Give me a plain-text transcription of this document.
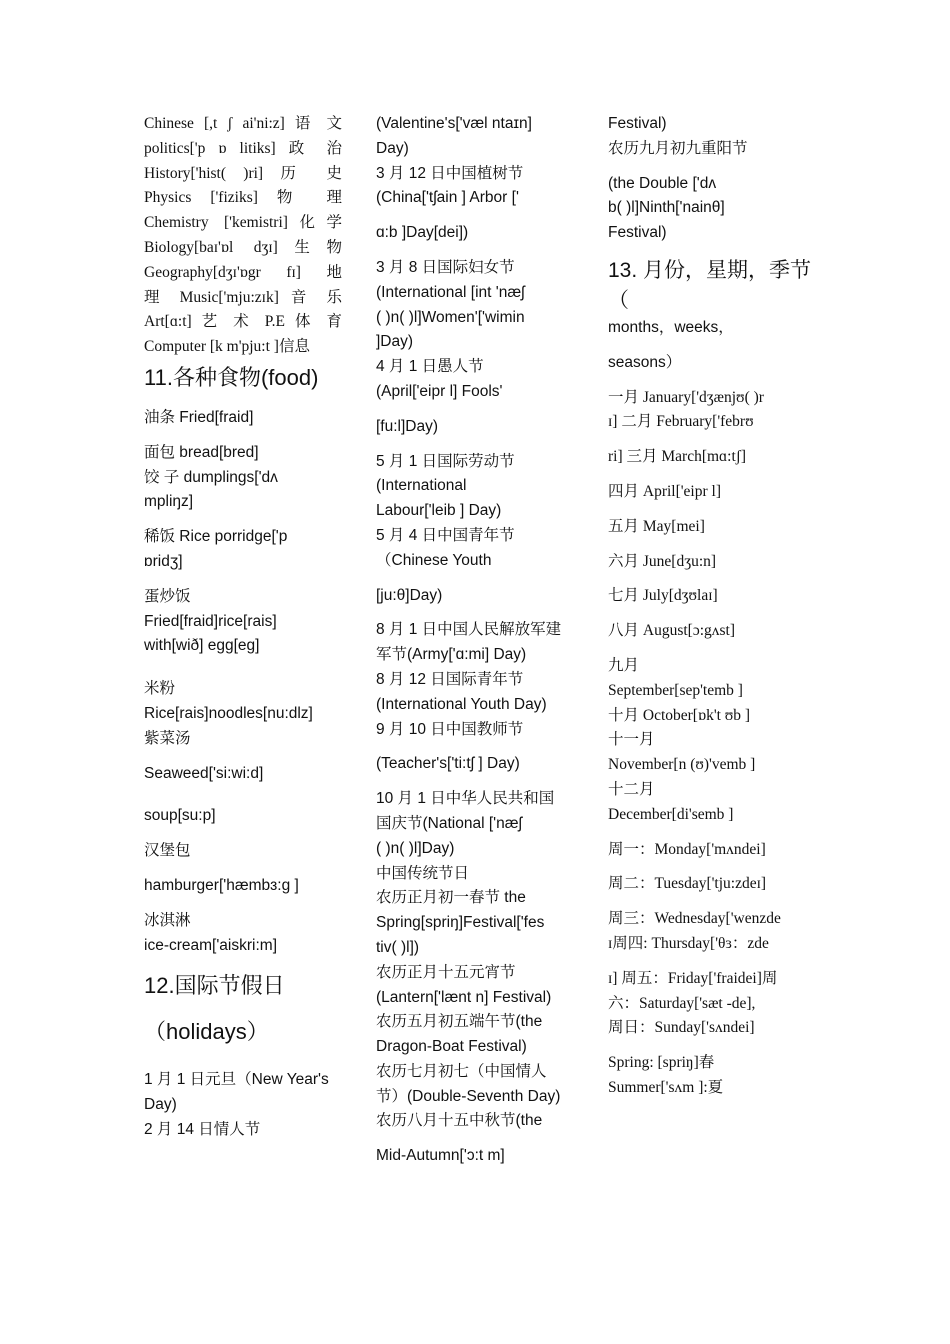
Chinese [,t ʃ ai'ni:z] 语 文
politics['p ɒ litiks] 政 治
History['hist( )ri] 历 史
Physics ['fiziks] 物 理
Chemistry ['kemistri]化学
Biology[baɪ'ɒl dʒɪ]生物
Geography[dʒɪ'ɒgr fɪ] 地
理 Music['mju:zɪk] 音 乐
Art[ɑ:t] 艺 术 P.E 体 育
Computer [k m'pju:t ]信息
11.各种食物(food)
油条 Fried[fraid]
面包 bread[bred]
饺 子 dumplings['dʌ
mpliŋz]
稀饭 Rice porridge['p
ɒridʒ]
蛋炒饭
Fried[fraid]rice[rais]
with[wið] egg[eg]
米粉
Rice[rais]noodles[nu:dlz]
紫菜汤
Seaweed['si:wi:d]
soup[su:p]
汉堡包
hamburger['hæmbɜ:g ]
冰淇淋
ice-cream['aiskri:m]
12.国际节假日
（holidays）
1 月 1 日元旦（New Year's
Day)
2 月 14 日情人节
(Valentine's['væl ntaɪn]
Day)
3 月 12 日中国植树节
(China['tʃain ] Arbor ['
ɑ:b ]Day[dei])
3 月 8 日国际妇女节
(International [int 'næʃ
( )n( )l]Women'['wimin
]Day)
4 月 1 日愚人节
(April['eipr l] Fools'
[fu:l]Day)
5 月 1 日国际劳动节
(International
Labour['leib ] Day)
5 月 4 日中国青年节
（Chinese Youth
[ju:θ]Day)
8 月 1 日中国人民解放军建
军节(Army['ɑ:mi] Day)
8 月 12 日国际青年节
(International Youth Day)
9 月 10 日中国教师节
(Teacher's['ti:tʃ ] Day)
10 月 1 日中华人民共和国
国庆节(National ['næʃ
( )n( )l]Day)
中国传统节日
农历正月初一春节 the
Spring[spriŋ]Festival['fes
tiv( )l])
农历正月十五元宵节
(Lantern['lænt n] Festival)
农历五月初五端午节(the
Dragon-Boat Festival)
农历七月初七（中国情人
节）(Double-Seventh Day)
农历八月十五中秋节(the
Mid-Autumn['ɔ:t m]
Festival)
农历九月初九重阳节
(the Double ['dʌ
b( )l]Ninth['nainθ]
Festival)
13. 月份，星期，季节
（
months，weeks，
seasons）
一月 January['dʒænjʊ( )r
ɪ] 二月 February['febrʊ
ri] 三月 March[mɑ:tʃ]
四月 April['eipr l]
五月 May[mei]
六月 June[dʒu:n]
七月 July[dʒʊlaɪ]
八月 August[ɔ:gʌst]
九月
September[sep'temb ]
十月 October[ɒk't ʊb ]
十一月
November[n (ʊ)'vemb ]
十二月
December[di'semb ]
周一：Monday['mʌndei]
周二：Tuesday['tju:zdeɪ]
周三：Wednesday['wenzde
ɪ周四: Thursday['θɜ：zde
ɪ] 周五：Friday['fraidei]周
六：Saturday['sæt -de],
周日：Sunday['sʌndei]
Spring: [spriŋ]春
Summer['sʌm ]:夏
